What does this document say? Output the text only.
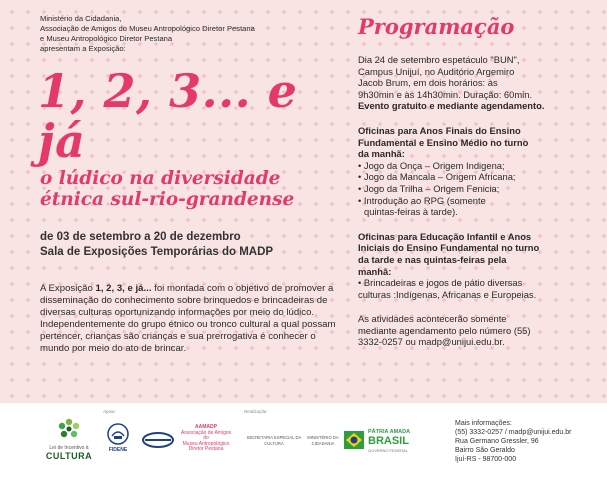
Ministério da Cidadania,
Associação de Amigos do Museu Antropológico Diretor Pestana
e Museu Antropológico Diretor Pestana
apresentam a Exposição:
1, 2, 3... e já
o lúdico na diversidade
étnica sul-rio-grandense
de 03 de setembro a 20 de dezembro
Sala de Exposições Temporárias do MADP
A Exposição 1, 2, 3, e já... foi montada com o objetivo de promover a disseminação do conhecimento sobre brinquedos e brincadeiras de diversas culturas oportunizando informações por meio do lúdico. Independentemente do grupo étnico ou tronco cultural a qual possam pertencer, crianças são crianças e sua prerrogativa é conhecer o mundo por meio do ato de brincar.
Programação
Dia 24 de setembro espetáculo "BUN",
Campus Unijuí, no Auditório Argemiro
Jacob Brum, em dois horários: às
9h30min e às 14h30min. Duração: 60min.
Evento gratuito e mediante agendamento.
Oficinas para Anos Finais do Ensino
Fundamental e Ensino Médio no turno
da manhã:
• Jogo da Onça – Origem Indigena;
• Jogo da Mancala – Origem Africana;
• Jogo da Trilha – Origem Fenicia;
• Introdução ao RPG (somente
quintas-feiras à tarde).
Oficinas para Educação Infantil e Anos
Iniciais do Ensino Fundamental no turno
da tarde e nas quintas-feiras pela
manhã:
• Brincadeiras e jogos de pátio diversas
culturas :Indígenas, Africanas e Europeias.
As atividades acontecerão somente
mediante agendamento pelo número (55)
3332-0257 ou madp@unijui.edu.br.
Lei de Incentivo à
CULTURA
Apoio:
FIDENE
AAMADP
Associação de Amigos do
Museu Antropológico
Diretor Pestana
Realização:
SECRETARIA ESPECIAL DA
CULTURA
MINISTÉRIO DA
CIDADANIA
PÁTRIA AMADA
BRASIL
GOVERNO FEDERAL
Mais informações:
(55) 3332-0257 / madp@unijui.edu.br
Rua Germano Gressler, 96
Bairro São Geraldo
Ijuí-RS - 98700-000
